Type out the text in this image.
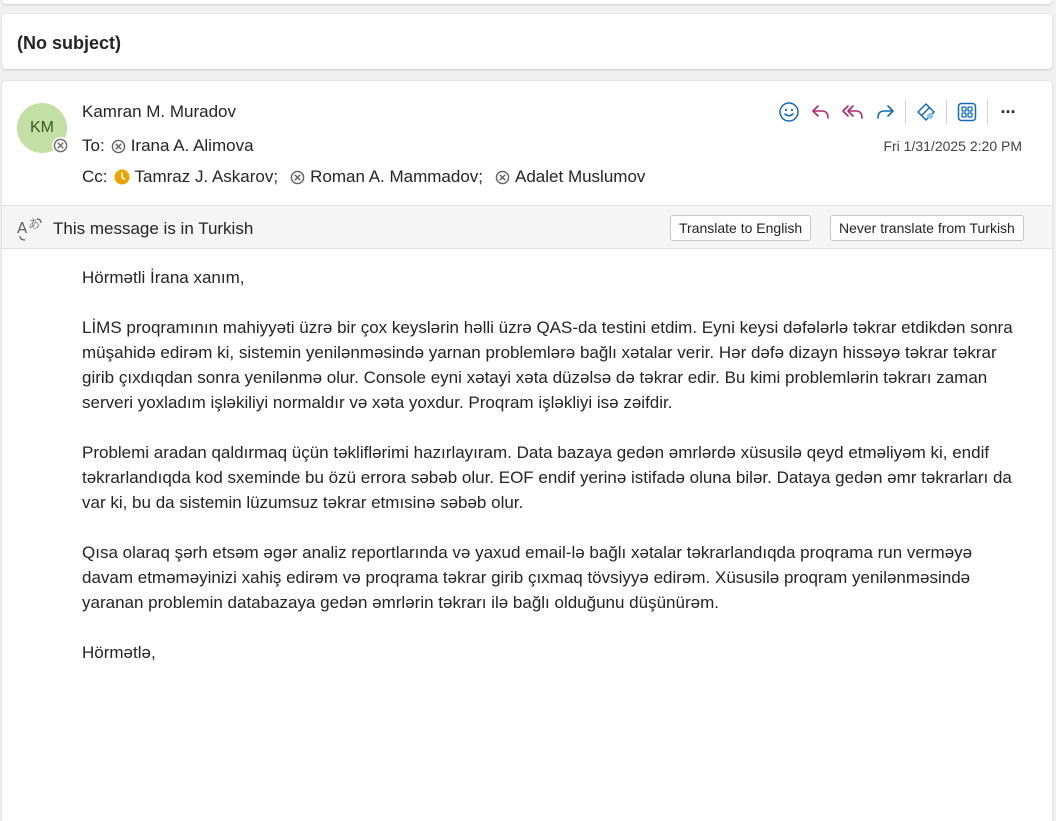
(No subject)
KM
Kamran M. Muradov
To: Irana A. Alimova
Cc: Tamraz J. Askarov; Roman A. Mammadov; Adalet Muslumov
···
Fri 1/31/2025 2:20 PM
A あ This message is in Turkish	Translate to English	Never translate from Turkish

Hörmətli İrana xanım,

LİMS proqramının mahiyyəti üzrə bir çox keyslərin həlli üzrə QAS-da testini etdim. Eyni keysi dəfələrlə təkrar etdikdən sonra müşahidə edirəm ki, sistemin yenilənməsində yarnan problemlərə bağlı xətalar verir. Hər dəfə dizayn hissəyə təkrar təkrar girib çıxdıqdan sonra yenilənmə olur. Console eyni xətayi xəta düzəlsə də təkrar edir. Bu kimi problemlərin təkrarı zaman serveri yoxladım işləkiliyi normaldır və xəta yoxdur. Proqram işləkliyi isə zəifdir.

Problemi aradan qaldırmaq üçün təkliflərimi hazırlayıram. Data bazaya gedən əmrlərdə xüsusilə qeyd etməliyəm ki, endif təkrarlandıqda kod sxeminde bu özü errora səbəb olur. EOF endif yerinə istifadə oluna bilər. Dataya gedən əmr təkrarları da var ki, bu da sistemin lüzumsuz təkrar etmısinə səbəb olur.

Qısa olaraq şərh etsəm əgər analiz reportlarında və yaxud email-lə bağlı xətalar təkrarlandıqda proqrama run verməyə davam etməməyinizi xahiş edirəm və proqrama təkrar girib çıxmaq tövsiyyə edirəm. Xüsusilə proqram yenilənməsində yaranan problemin databazaya gedən əmrlərin təkrarı ilə bağlı olduğunu düşünürəm.

Hörmətlə,
